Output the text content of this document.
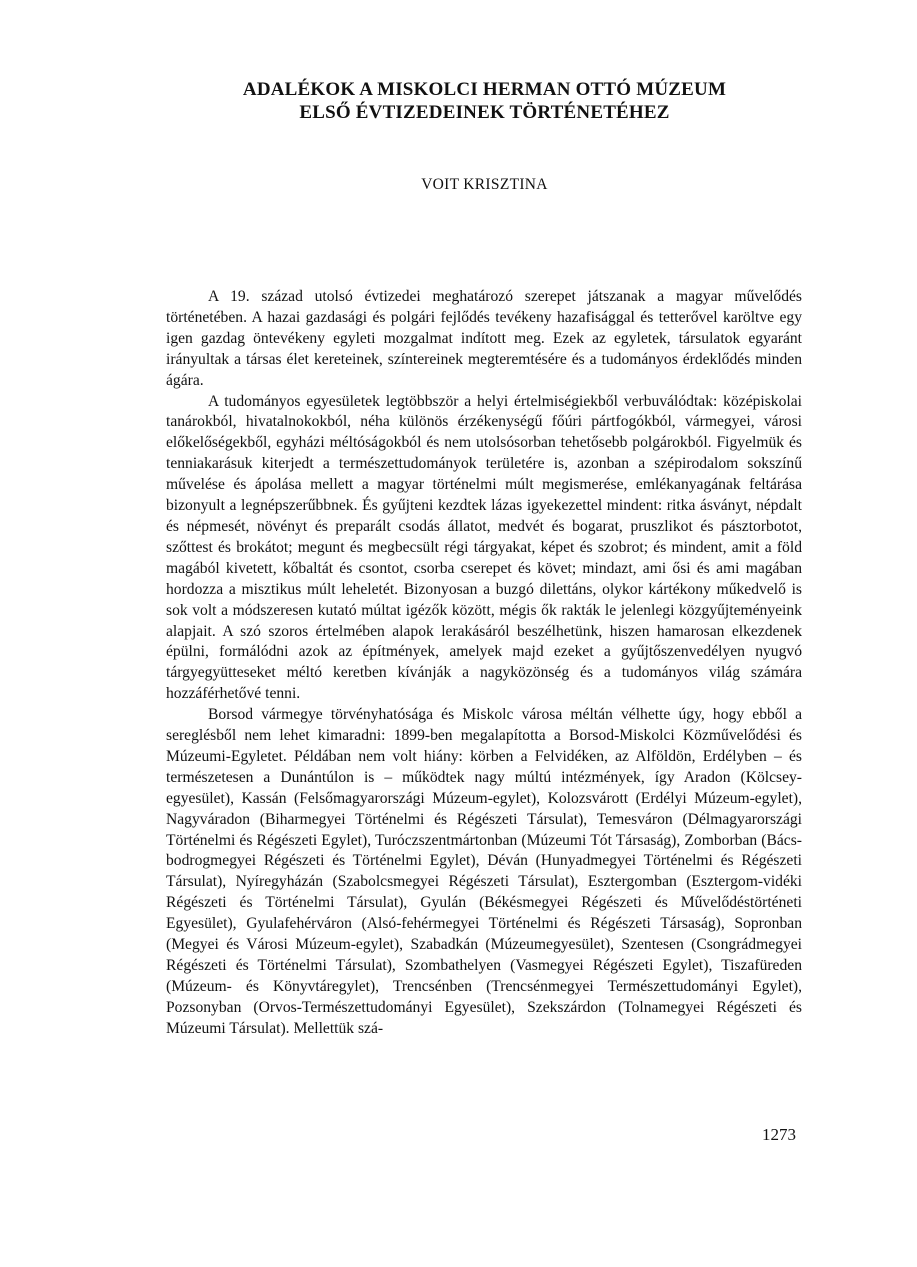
ADALÉKOK A MISKOLCI HERMAN OTTÓ MÚZEUM
ELSŐ ÉVTIZEDEINEK TÖRTÉNETÉHEZ
VOIT KRISZTINA

A 19. század utolsó évtizedei meghatározó szerepet játszanak a magyar művelődés történetében. A hazai gazdasági és polgári fejlődés tevékeny hazafisággal és tetterővel karöltve egy igen gazdag öntevékeny egyleti mozgalmat indított meg. Ezek az egyletek, társulatok egyaránt irányultak a társas élet kereteinek, színtereinek megteremtésére és a tudományos érdeklődés minden ágára.

A tudományos egyesületek legtöbbször a helyi értelmiségiekből verbuválódtak: középiskolai tanárokból, hivatalnokokból, néha különös érzékenységű főúri pártfogókból, vármegyei, városi előkelőségekből, egyházi méltóságokból és nem utolsósorban tehetősebb polgárokból. Figyelmük és tenniakarásuk kiterjedt a természettudományok területére is, azonban a szépirodalom sokszínű művelése és ápolása mellett a magyar történelmi múlt megismerése, emlékanyagának feltárása bizonyult a legnépszerűbbnek. És gyűjteni kezdtek lázas igyekezettel mindent: ritka ásványt, népdalt és népmesét, növényt és preparált csodás állatot, medvét és bogarat, pruszlikot és pásztorbotot, szőttest és brokátot; megunt és megbecsült régi tárgyakat, képet és szobrot; és mindent, amit a föld magából kivetett, kőbaltát és csontot, csorba cserepet és követ; mindazt, ami ősi és ami magában hordozza a misztikus múlt leheletét. Bizonyosan a buzgó dilettáns, olykor kártékony műkedvelő is sok volt a módszeresen kutató múltat igézők között, mégis ők rakták le jelenlegi közgyűjteményeink alapjait. A szó szoros értelmében alapok lerakásáról beszélhetünk, hiszen hamarosan elkezdenek épülni, formálódni azok az építmények, amelyek majd ezeket a gyűjtőszenvedélyen nyugvó tárgyegyütteseket méltó keretben kívánják a nagyközönség és a tudományos világ számára hozzáférhetővé tenni.

Borsod vármegye törvényhatósága és Miskolc városa méltán vélhette úgy, hogy ebből a sereglésből nem lehet kimaradni: 1899-ben megalapította a Borsod-Miskolci Közművelődési és Múzeumi-Egyletet. Példában nem volt hiány: körben a Felvidéken, az Alföldön, Erdélyben – és természetesen a Dunántúlon is – működtek nagy múltú intézmények, így Aradon (Kölcsey-egyesület), Kassán (Felsőmagyarországi Múzeum-egylet), Kolozsvárott (Erdélyi Múzeum-egylet), Nagyváradon (Biharmegyei Történelmi és Régészeti Társulat), Temesváron (Délmagyarországi Történelmi és Régészeti Egylet), Turóczszentmártonban (Múzeumi Tót Társaság), Zomborban (Bács-bodrogmegyei Régészeti és Történelmi Egylet), Déván (Hunyadmegyei Történelmi és Régészeti Társulat), Nyíregyházán (Szabolcsmegyei Régészeti Társulat), Esztergomban (Esztergom-vidéki Régészeti és Történelmi Társulat), Gyulán (Békésmegyei Régészeti és Művelődéstörténeti Egyesület), Gyulafehérváron (Alsó-fehérmegyei Történelmi és Régészeti Társaság), Sopronban (Megyei és Városi Múzeum-egylet), Szabadkán (Múzeumegyesület), Szentesen (Csongrádmegyei Régészeti és Történelmi Társulat), Szombathelyen (Vasmegyei Régészeti Egylet), Tiszafüreden (Múzeum- és Könyvtáregylet), Trencsénben (Trencsénmegyei Természettudományi Egylet), Pozsonyban (Orvos-Természettudományi Egyesület), Szekszárdon (Tolnamegyei Régészeti és Múzeumi Társulat). Mellettük szá-

1273
